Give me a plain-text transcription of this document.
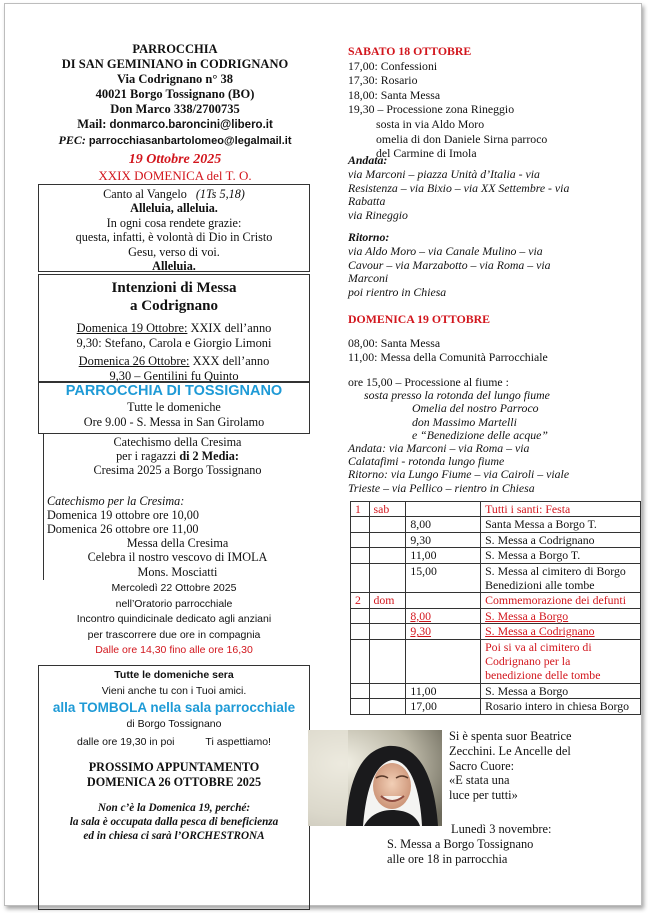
PARROCCHIA
DI SAN GEMINIANO in CODRIGNANO
Via Codrignano n° 38
40021 Borgo Tossignano (BO)
Don Marco 338/2700735
Mail: donmarco.baroncini@libero.it
PEC: parrocchiasanbartolomeo@legalmail.it
19 Ottobre 2025
XXIX DOMENICA del T. O.
Canto al Vangelo (1Ts 5,18)
Alleluia, alleluia.
In ogni cosa rendete grazie:
questa, infatti, è volontà di Dio in Cristo
Gesu, verso di voi.
Alleluia.
Intenzioni di Messa
a Codrignano
Domenica 19 Ottobre: XXIX dell’anno
9,30: Stefano, Carola e Giorgio Limoni
Domenica 26 Ottobre: XXX dell’anno
9,30 – Gentilini fu Quinto
PARROCCHIA DI TOSSIGNANO
Tutte le domeniche
Ore 9.00 - S. Messa in San Girolamo
Catechismo della Cresima
per i ragazzi di 2 Media:
Cresima 2025 a Borgo Tossignano
Catechismo per la Cresima:
Domenica 19 ottobre ore 10,00
Domenica 26 ottobre ore 11,00
Messa della Cresima
Celebra il nostro vescovo di IMOLA
Mons. Mosciatti
Mercoledì 22 Ottobre 2025
nell’Oratorio parrocchiale
Incontro quindicinale dedicato agli anziani
per trascorrere due ore in compagnia
Dalle ore 14,30 fino alle ore 16,30
Tutte le domeniche sera
Vieni anche tu con i Tuoi amici.
alla TOMBOLA nella sala parrocchiale
di Borgo Tossignano
dalle ore 19,30 in poi	Ti aspettiamo!
PROSSIMO APPUNTAMENTO
DOMENICA 26 OTTOBRE 2025
Non c’è la Domenica 19, perché:
la sala è occupata dalla pesca di beneficienza
ed in chiesa ci sarà l’ORCHESTRONA
SABATO 18 OTTOBRE
17,00: Confessioni
17,30: Rosario
18,00: Santa Messa
19,30 – Processione zona Rineggio
sosta in via Aldo Moro
omelia di don Daniele Sirna parroco
del Carmine di Imola
Andata:
via Marconi – piazza Unità d’Italia - via
Resistenza – via Bixio – via XX Settembre - via
Rabatta
via Rineggio
Ritorno:
via Aldo Moro – via Canale Mulino – via
Cavour – via Marzabotto – via Roma – via
Marconi
poi rientro in Chiesa
DOMENICA 19 OTTOBRE
08,00: Santa Messa
11,00: Messa della Comunità Parrocchiale
ore 15,00 – Processione al fiume :
sosta presso la rotonda del lungo fiume
Omelia del nostro Parroco
don Massimo Martelli
e “Benedizione delle acque”
Andata: via Marconi – via Roma – via
Calatafimi - rotonda lungo fiume
Ritorno: via Lungo Fiume – via Cairoli – viale
Trieste – via Pellico – rientro in Chiesa
1	sab		Tutti i santi: Festa

		8,00	Santa Messa a Borgo T.

		9,30	S. Messa a Codrignano

		11,00	S. Messa a Borgo T.

		15,00	S. Messa al cimitero di Borgo
Benedizioni alle tombe

2	dom		Commemorazione dei defunti

		8,00	S. Messa a Borgo

		9,30	S. Messa a Codrignano

			Poi si va al cimitero di
Codrignano per la
benedizione delle tombe

		11,00	S. Messa a Borgo

		17,00	Rosario intero in chiesa Borgo
Si è spenta suor Beatrice
Zecchini. Le Ancelle del
Sacro Cuore:
«E stata una
luce per tutti»
Lunedì 3 novembre:
S. Messa a Borgo Tossignano
alle ore 18 in parrocchia
